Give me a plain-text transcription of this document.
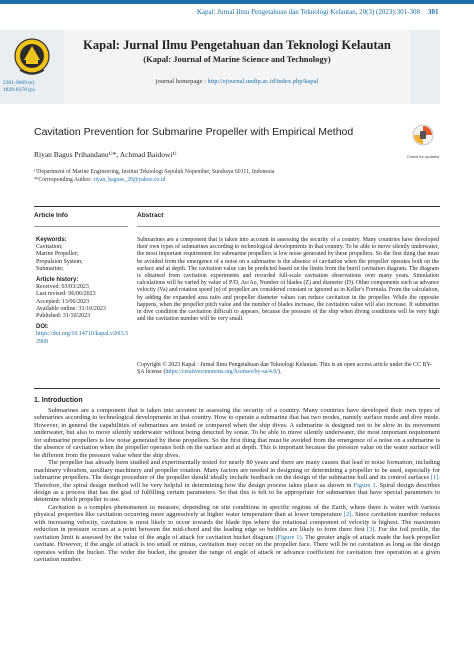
Kapal: Jurnal Ilmu Pengetahuan dan Teknologi Kelautan, 20(3) (2023):301-308 301
2301-9069 (e)
1829-8370 (p)
Kapal: Jurnal Ilmu Pengetahuan dan Teknologi Kelautan
(Kapal: Journal of Marine Science and Technology)
journal homepage : http://ejournal.undip.ac.id/index.php/kapal
Cavitation Prevention for Submarine Propeller with Empirical Method
Check for updates
Riyan Bagus Prihandanu¹⁾*, Achmad Baidowi¹⁾
¹⁾Department of Marine Engineering, Institut Teknologi Sepuluh Nopember, Surabaya 60111, Indonesia
*⁾Corresponding Author: riyan_bagoes_20@yahoo.co.id
Article Info	Abstract
Keywords:
Cavitation;
Marine Propeller;
Propulsion System;
Submarine;
Article history:
Received: 03/03/2023
Last revised: 06/06/2023
Accepted: 13/06/2023
Available online: 31/10/2023
Published: 31/10/2023
DOI:
https://doi.org/10.14710/kapal.v20i3.52960
Submarines are a component that is taken into account in assessing the security of a country. Many countries have developed their own types of submarines according to technological developments in that country. To be able to move silently underwater, the most important requirement for submarine propellers is low noise generated by these propellers. So the first thing that must be avoided from the emergence of a noise on a submarine is the absence of cavitation when the propeller operates both on the surface and at depth. The cavitation value can be predicted based on the limits from the burril cavitation diagram. The diagram is obtained from cavitation experiments and recorded full-scale cavitation observations over many years. Simulation calculations will be varied by value of P/D, Ae/Ao, Number of blades (Z) and diameter (D). Other components such as advance velocity (Va) and rotation speed (n) of propeller are considered constant or ignored as in Keller's Formula. From the calculation, by adding the expanded area ratio and propeller diameter values can reduce cavitation in the propeller. While the opposite happens, when the propeller pitch value and the number of blades increase, the cavitation value will also increase. If submarine in dive condition the cavitation difficult to appears, because the pressure of the ship when diving conditions will be very high and the cavitation number will be very small.
Copyright © 2023 Kapal : Jurnal Ilmu Pengetahuan dan Teknologi Kelautan. This is an open access article under the CC BY-SA license (https://creativecommons.org/licenses/by-sa/4.0/).
1. Introduction

Submarines are a component that is taken into account in assessing the security of a country. Many countries have developed their own types of submarines according to technological developments in that country. How to operate a submarine that has two modes, namely surface mode and dive mode. However, in general the capabilities of submarines are tested or compared when the ship dives. A submarine is designed not to be slow in its movement underwater, but also to move silently underwater without being detected by sonar. To be able to move silently underwater, the most important requirement for submarine propellers is low noise generated by these propellers. So the first thing that must be avoided from the emergence of a noise on a submarine is the absence of cavitation when the propeller operates both on the surface and at depth. This is important because the pressure value on the water surface will be different from the pressure value when the ship dives.

The propeller has already been studied and experimentally tested for nearly 80 years and there are many causes that lead to noise formation, including machinery vibration, auxiliary machinery and propeller rotation. Many factors are needed in designing or determining a propeller to be used, especially for submarine propellers. The design procedure of the propeller should ideally include feedback on the design of the submarine hull and its control surfaces [1]. Therefore, the spiral design method will be very helpful in determining how the design process takes place as shown in Figure 1. Spiral design describes design as a process that has the goal of fulfilling certain parameters. So that this is felt to be appropriate for submarines that have special parameters to determine which propeller to use.

Cavitation is a complex phenomenon to measure, depending on site conditions in specific regions of the Earth, where there is water with various physical properties like cavitation occurring more aggressively at higher water temperature than at lower temperature [2]. Since cavitation number reduces with increasing velocity, cavitation is most likely to occur towards the blade tips where the rotational component of velocity is highest. The maximum reduction in pressure occurs at a point between the mid-chord and the leading edge so bubbles are likely to form there first [3]. For the foil profile, the cavitation limit is assessed by the value of the angle of attack for cavitation bucket diagram (Figure 1). The greater angle of attack made the back propeller cavitate. However, if the angle of attack is too small or minus, cavitation may occur on the propeller face. There will be no cavitation as long as the design operates within the bucket. The wider the bucket, the greater the range of angle of attack or advance coefficient for cavitation free operation at a given cavitation number.
